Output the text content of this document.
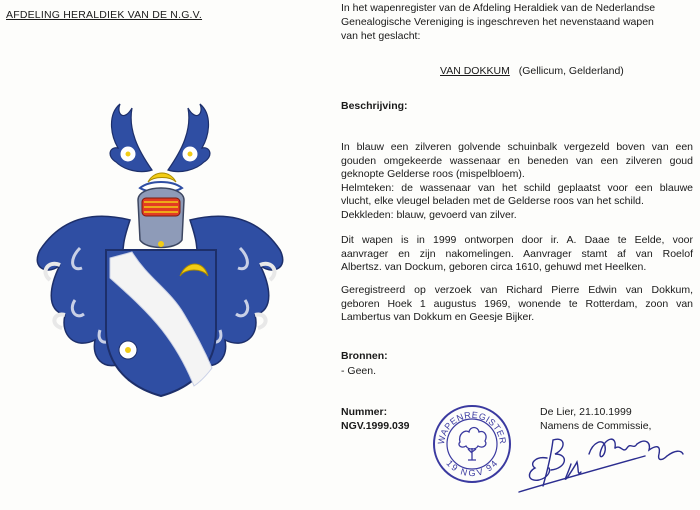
AFDELING HERALDIEK VAN DE N.G.V.
In het wapenregister van de Afdeling Heraldiek van de Nederlandse
Genealogische Vereniging is ingeschreven het nevenstaand wapen
van het geslacht:
VAN DOKKUM (Gellicum, Gelderland)
Beschrijving:
In blauw een zilveren golvende schuinbalk vergezeld boven van een
gouden omgekeerde wassenaar en beneden van een zilveren goud
geknopte Gelderse roos (mispelbloem).
Helmteken: de wassenaar van het schild geplaatst voor een blauwe
vlucht, elke vleugel beladen met de Gelderse roos van het schild.
Dekkleden: blauw, gevoerd van zilver.
Dit wapen is in 1999 ontworpen door ir. A. Daae te Eelde, voor
aanvrager en zijn nakomelingen. Aanvrager stamt af van Roelof
Albertsz. van Dockum, geboren circa 1610, gehuwd met Heelken.
Geregistreerd op verzoek van Richard Pierre Edwin van Dokkum,
geboren Hoek 1 augustus 1969, wonende te Rotterdam, zoon van
Lambertus van Dokkum en Geesje Bijker.
Bronnen:
- Geen.
Nummer:
NGV.1999.039
De Lier, 21.10.1999
Namens de Commissie,
WAPENREGISTER
19 NGV 94
